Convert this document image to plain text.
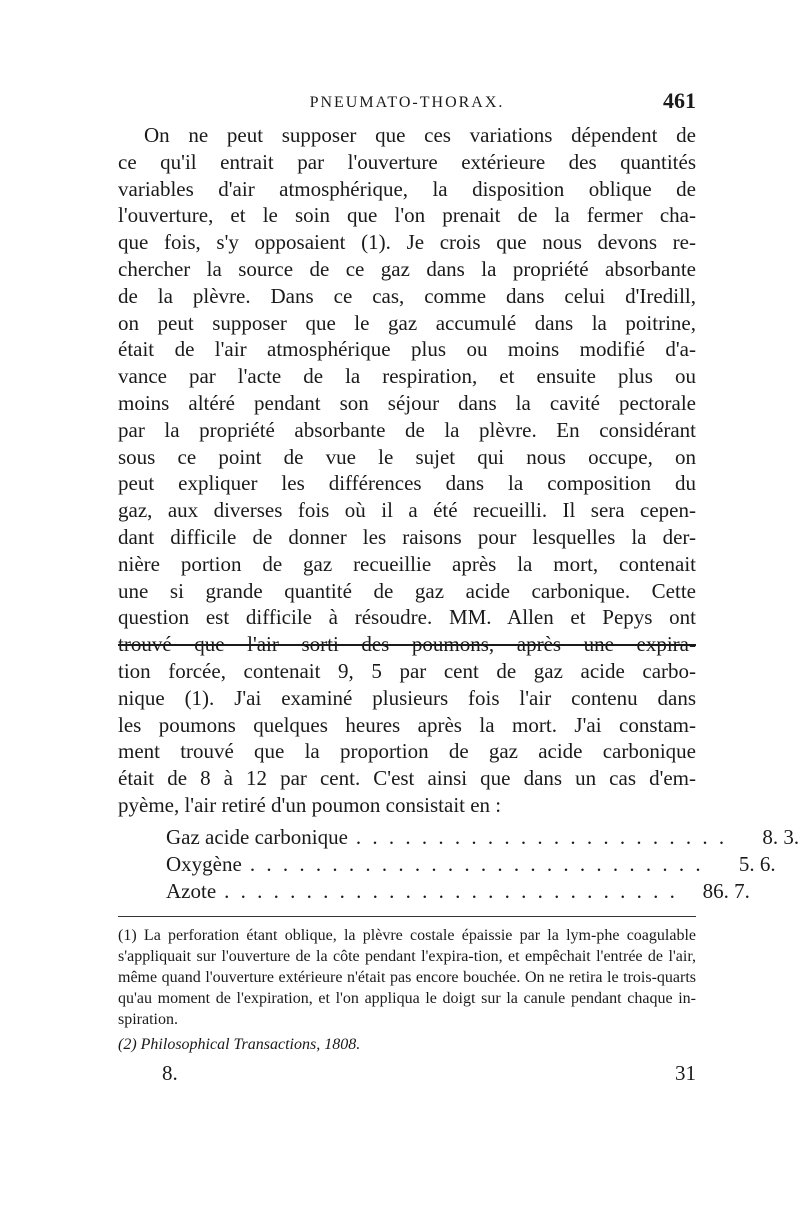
PNEUMATO-THORAX.	461
On ne peut supposer que ces variations dépendent de
ce qu'il entrait par l'ouverture extérieure des quantités
variables d'air atmosphérique, la disposition oblique de
l'ouverture, et le soin que l'on prenait de la fermer cha-
que fois, s'y opposaient (1). Je crois que nous devons re-
chercher la source de ce gaz dans la propriété absorbante
de la plèvre. Dans ce cas, comme dans celui d'Iredill,
on peut supposer que le gaz accumulé dans la poitrine,
était de l'air atmosphérique plus ou moins modifié d'a-
vance par l'acte de la respiration, et ensuite plus ou
moins altéré pendant son séjour dans la cavité pectorale
par la propriété absorbante de la plèvre. En considérant
sous ce point de vue le sujet qui nous occupe, on
peut expliquer les différences dans la composition du
gaz, aux diverses fois où il a été recueilli. Il sera cepen-
dant difficile de donner les raisons pour lesquelles la der-
nière portion de gaz recueillie après la mort, contenait
une si grande quantité de gaz acide carbonique. Cette
question est difficile à résoudre. MM. Allen et Pepys ont
trouvé que l'air sorti des poumons, après une expira-
tion forcée, contenait 9, 5 par cent de gaz acide carbo-
nique (1). J'ai examiné plusieurs fois l'air contenu dans
les poumons quelques heures après la mort. J'ai constam-
ment trouvé que la proportion de gaz acide carbonique
était de 8 à 12 par cent. C'est ainsi que dans un cas d'em-
pyème, l'air retiré d'un poumon consistait en :
Gaz acide carbonique . . . . . . . . . . . . . . . . . . . . . . .	8. 3.
Oxygène . . . . . . . . . . . . . . . . . . . . . . . . . . . .	5. 6.
Azote . . . . . . . . . . . . . . . . . . . . . . . . . . . .	86. 7.

(1) La perforation étant oblique, la plèvre costale épaissie par la lym-phe coagulable s'appliquait sur l'ouverture de la côte pendant l'expira-tion, et empêchait l'entrée de l'air, même quand l'ouverture extérieure n'était pas encore bouchée. On ne retira le trois-quarts qu'au moment de l'expiration, et l'on appliqua le doigt sur la canule pendant chaque in-spiration.

(2) Philosophical Transactions, 1808.

8.	31
